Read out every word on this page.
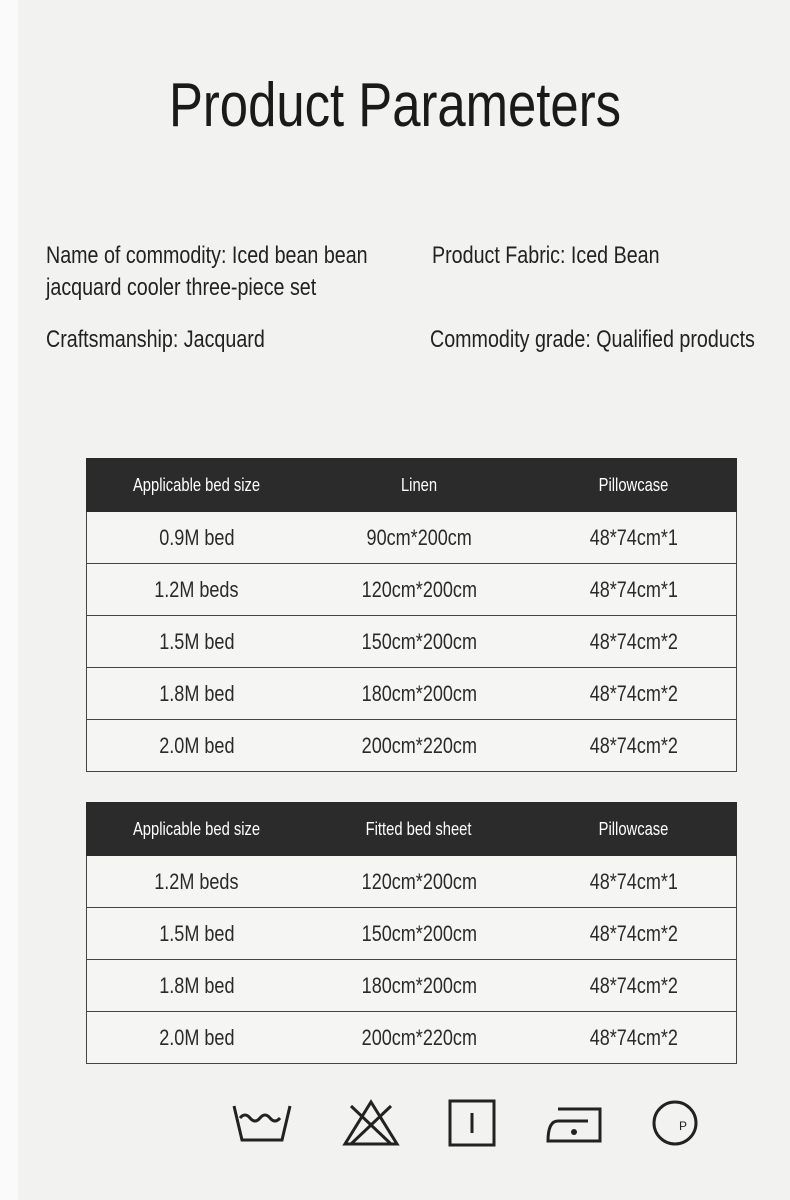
Product Parameters
Name of commodity: Iced bean bean
jacquard cooler three-piece set
Product Fabric: Iced Bean
Craftsmanship: Jacquard	Commodity grade: Qualified products
Applicable bed size	Linen	Pillowcase
0.9M bed	90cm*200cm	48*74cm*1
1.2M beds	120cm*200cm	48*74cm*1
1.5M bed	150cm*200cm	48*74cm*2
1.8M bed	180cm*200cm	48*74cm*2
2.0M bed	200cm*220cm	48*74cm*2
Applicable bed size	Fitted bed sheet	Pillowcase
1.2M beds	120cm*200cm	48*74cm*1
1.5M bed	150cm*200cm	48*74cm*2
1.8M bed	180cm*200cm	48*74cm*2
2.0M bed	200cm*220cm	48*74cm*2
P
